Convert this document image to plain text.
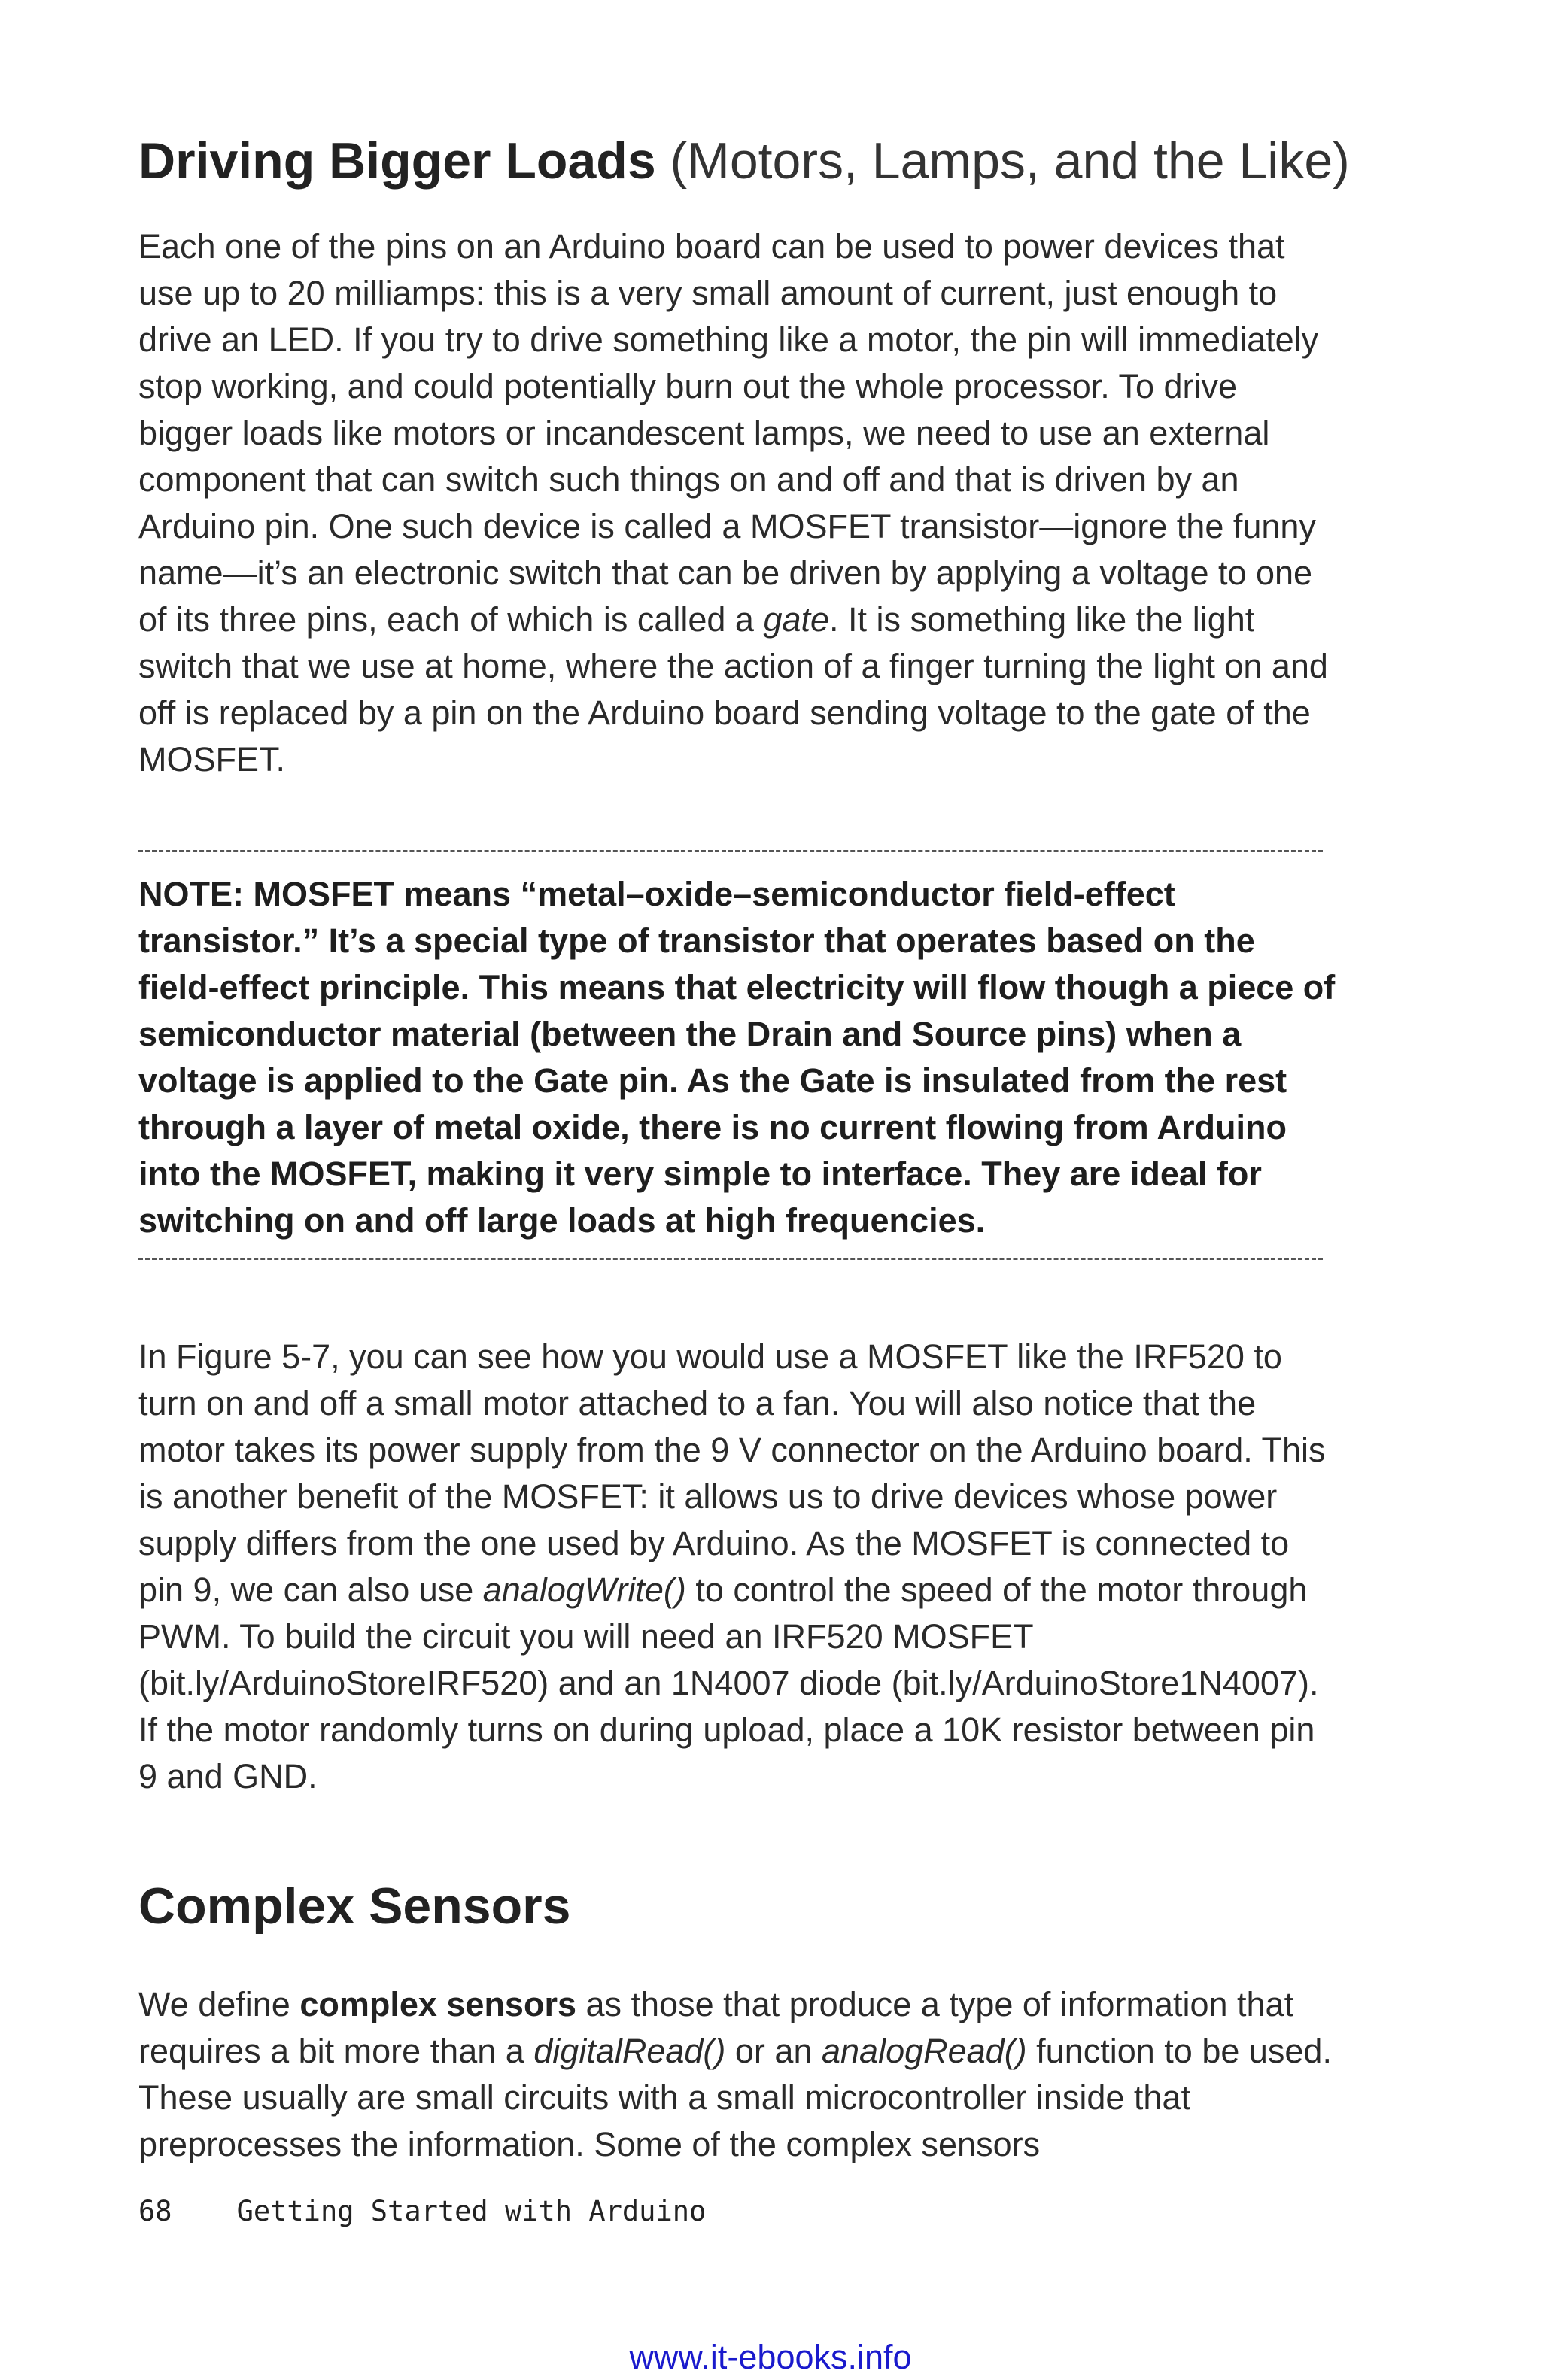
Driving Bigger Loads (Motors, Lamps, and the Like)

Each one of the pins on an Arduino board can be used to power devices that use up to 20 milliamps: this is a very small amount of current, just enough to drive an LED. If you try to drive something like a motor, the pin will immediately stop working, and could potentially burn out the whole processor. To drive bigger loads like motors or incandescent lamps, we need to use an external component that can switch such things on and off and that is driven by an Arduino pin. One such device is called a MOSFET transistor—ignore the funny name—it’s an electronic switch that can be driven by applying a voltage to one of its three pins, each of which is called a gate. It is something like the light switch that we use at home, where the action of a finger turning the light on and off is replaced by a pin on the Arduino board sending voltage to the gate of the MOSFET.

NOTE: MOSFET means “metal–oxide–semiconductor field-effect transistor.” It’s a special type of transistor that operates based on the field-effect principle. This means that electricity will flow though a piece of semiconductor material (between the Drain and Source pins) when a voltage is applied to the Gate pin. As the Gate is insulated from the rest through a layer of metal oxide, there is no current flowing from Arduino into the MOSFET, making it very simple to interface. They are ideal for switching on and off large loads at high frequencies.

In Figure 5-7, you can see how you would use a MOSFET like the IRF520 to turn on and off a small motor attached to a fan. You will also notice that the motor takes its power supply from the 9 V connector on the Arduino board. This is another benefit of the MOSFET: it allows us to drive devices whose power supply differs from the one used by Arduino. As the MOSFET is connected to pin 9, we can also use analogWrite() to control the speed of the motor through PWM. To build the circuit you will need an IRF520 MOSFET (bit.ly/ArduinoStoreIRF520) and an 1N4007 diode (bit.ly/ArduinoStore1N4007). If the motor randomly turns on during upload, place a 10K resistor between pin 9 and GND.

Complex Sensors

We define complex sensors as those that produce a type of information that requires a bit more than a digitalRead() or an analogRead() function to be used. These usually are small circuits with a small microcontroller inside that preprocesses the information. Some of the complex sensors

68 Getting Started with Arduino
www.it-ebooks.info
